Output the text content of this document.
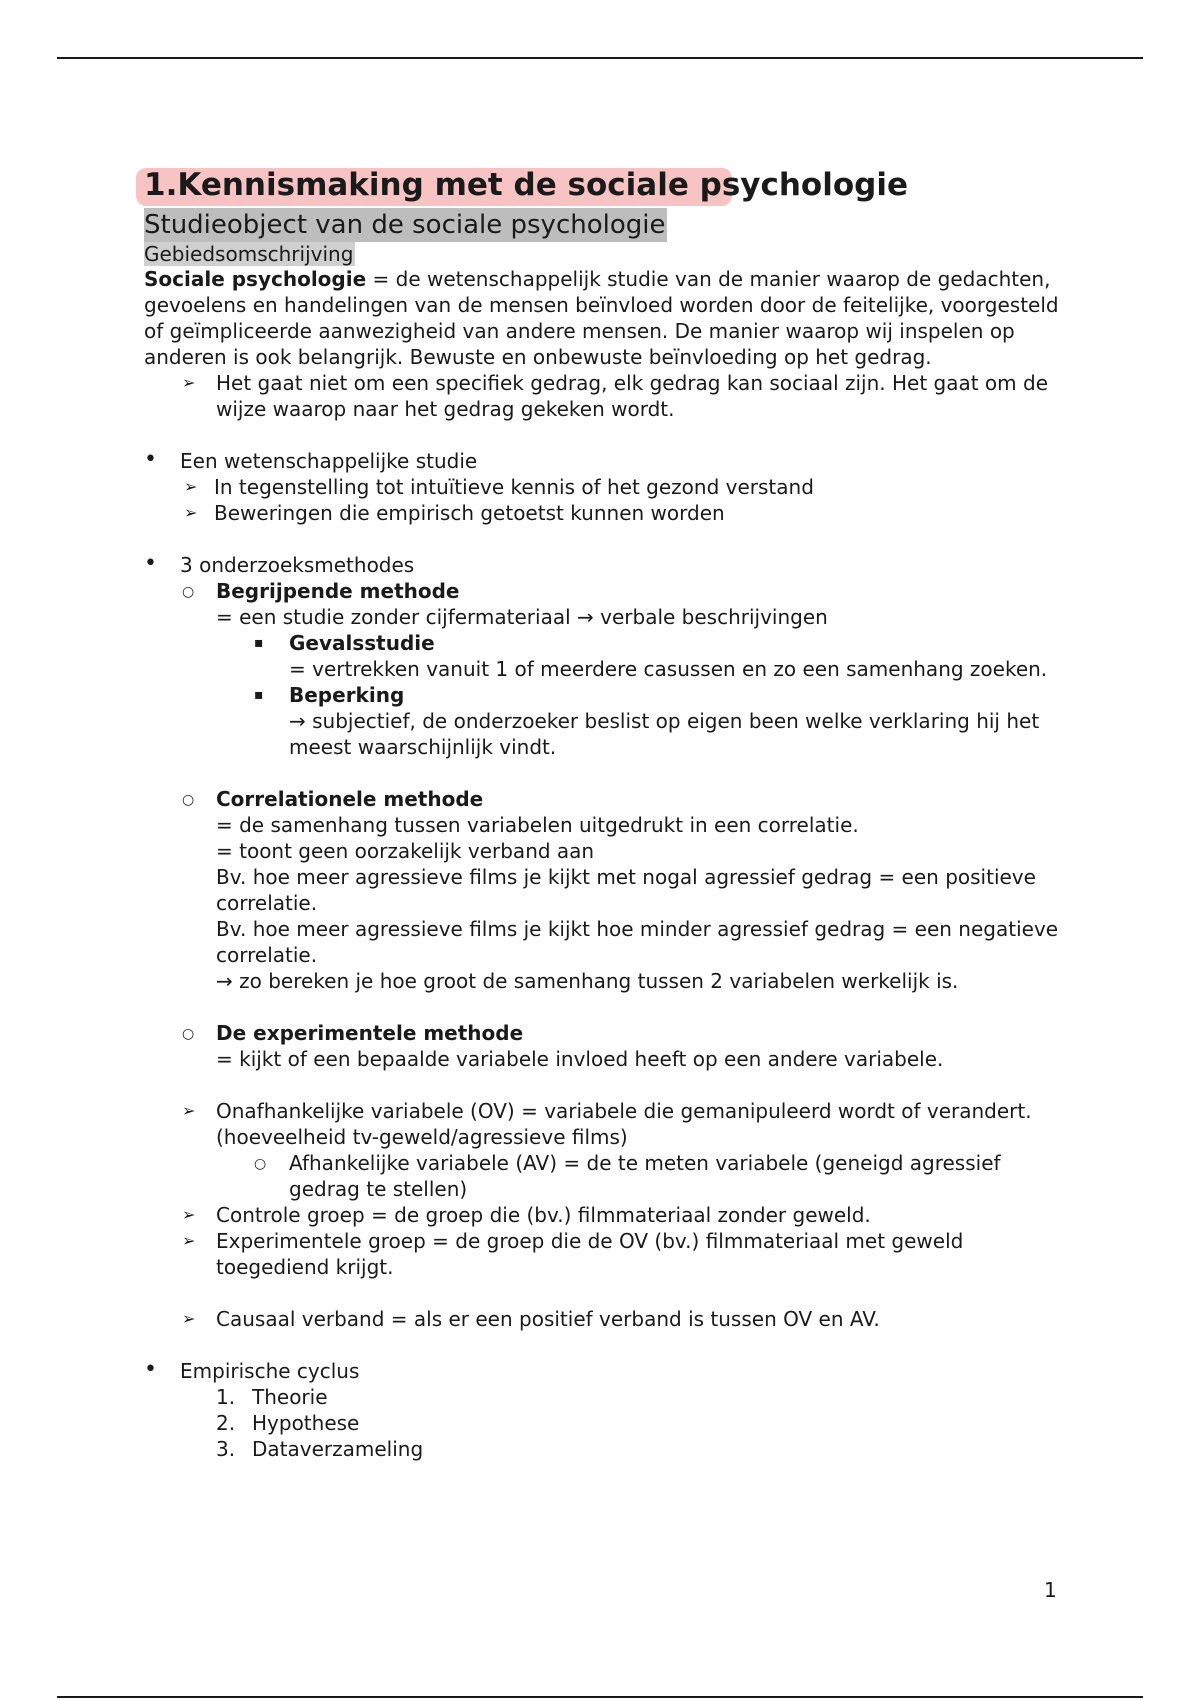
1.Kennismaking met de sociale psychologie
Studieobject van de sociale psychologie
Gebiedsomschrijving
Sociale psychologie = de wetenschappelijk studie van de manier waarop de gedachten, gevoelens en handelingen van de mensen beïnvloed worden door de feitelijke, voorgesteld of geïmpliceerde aanwezigheid van andere mensen. De manier waarop wij inspelen op anderen is ook belangrijk. Bewuste en onbewuste beïnvloeding op het gedrag.
➢ Het gaat niet om een specifiek gedrag, elk gedrag kan sociaal zijn. Het gaat om de wijze waarop naar het gedrag gekeken wordt.
• Een wetenschappelijke studie
➢ In tegenstelling tot intuïtieve kennis of het gezond verstand
➢ Beweringen die empirisch getoetst kunnen worden
• 3 onderzoeksmethodes
○ Begrijpende methode
= een studie zonder cijfermateriaal → verbale beschrijvingen
▪ Gevalsstudie
= vertrekken vanuit 1 of meerdere casussen en zo een samenhang zoeken.
▪ Beperking
→ subjectief, de onderzoeker beslist op eigen been welke verklaring hij het meest waarschijnlijk vindt.
○ Correlationele methode
= de samenhang tussen variabelen uitgedrukt in een correlatie.
= toont geen oorzakelijk verband aan
Bv. hoe meer agressieve films je kijkt met nogal agressief gedrag = een positieve correlatie.
Bv. hoe meer agressieve films je kijkt hoe minder agressief gedrag = een negatieve correlatie.
→ zo bereken je hoe groot de samenhang tussen 2 variabelen werkelijk is.
○ De experimentele methode
= kijkt of een bepaalde variabele invloed heeft op een andere variabele.
➢ Onafhankelijke variabele (OV) = variabele die gemanipuleerd wordt of verandert.
(hoeveelheid tv-geweld/agressieve films)
○ Afhankelijke variabele (AV) = de te meten variabele (geneigd agressief gedrag te stellen)
➢ Controle groep = de groep die (bv.) filmmateriaal zonder geweld.
➢ Experimentele groep = de groep die de OV (bv.) filmmateriaal met geweld toegediend krijgt.
➢ Causaal verband = als er een positief verband is tussen OV en AV.
• Empirische cyclus
1. Theorie
2. Hypothese
3. Dataverzameling
1
